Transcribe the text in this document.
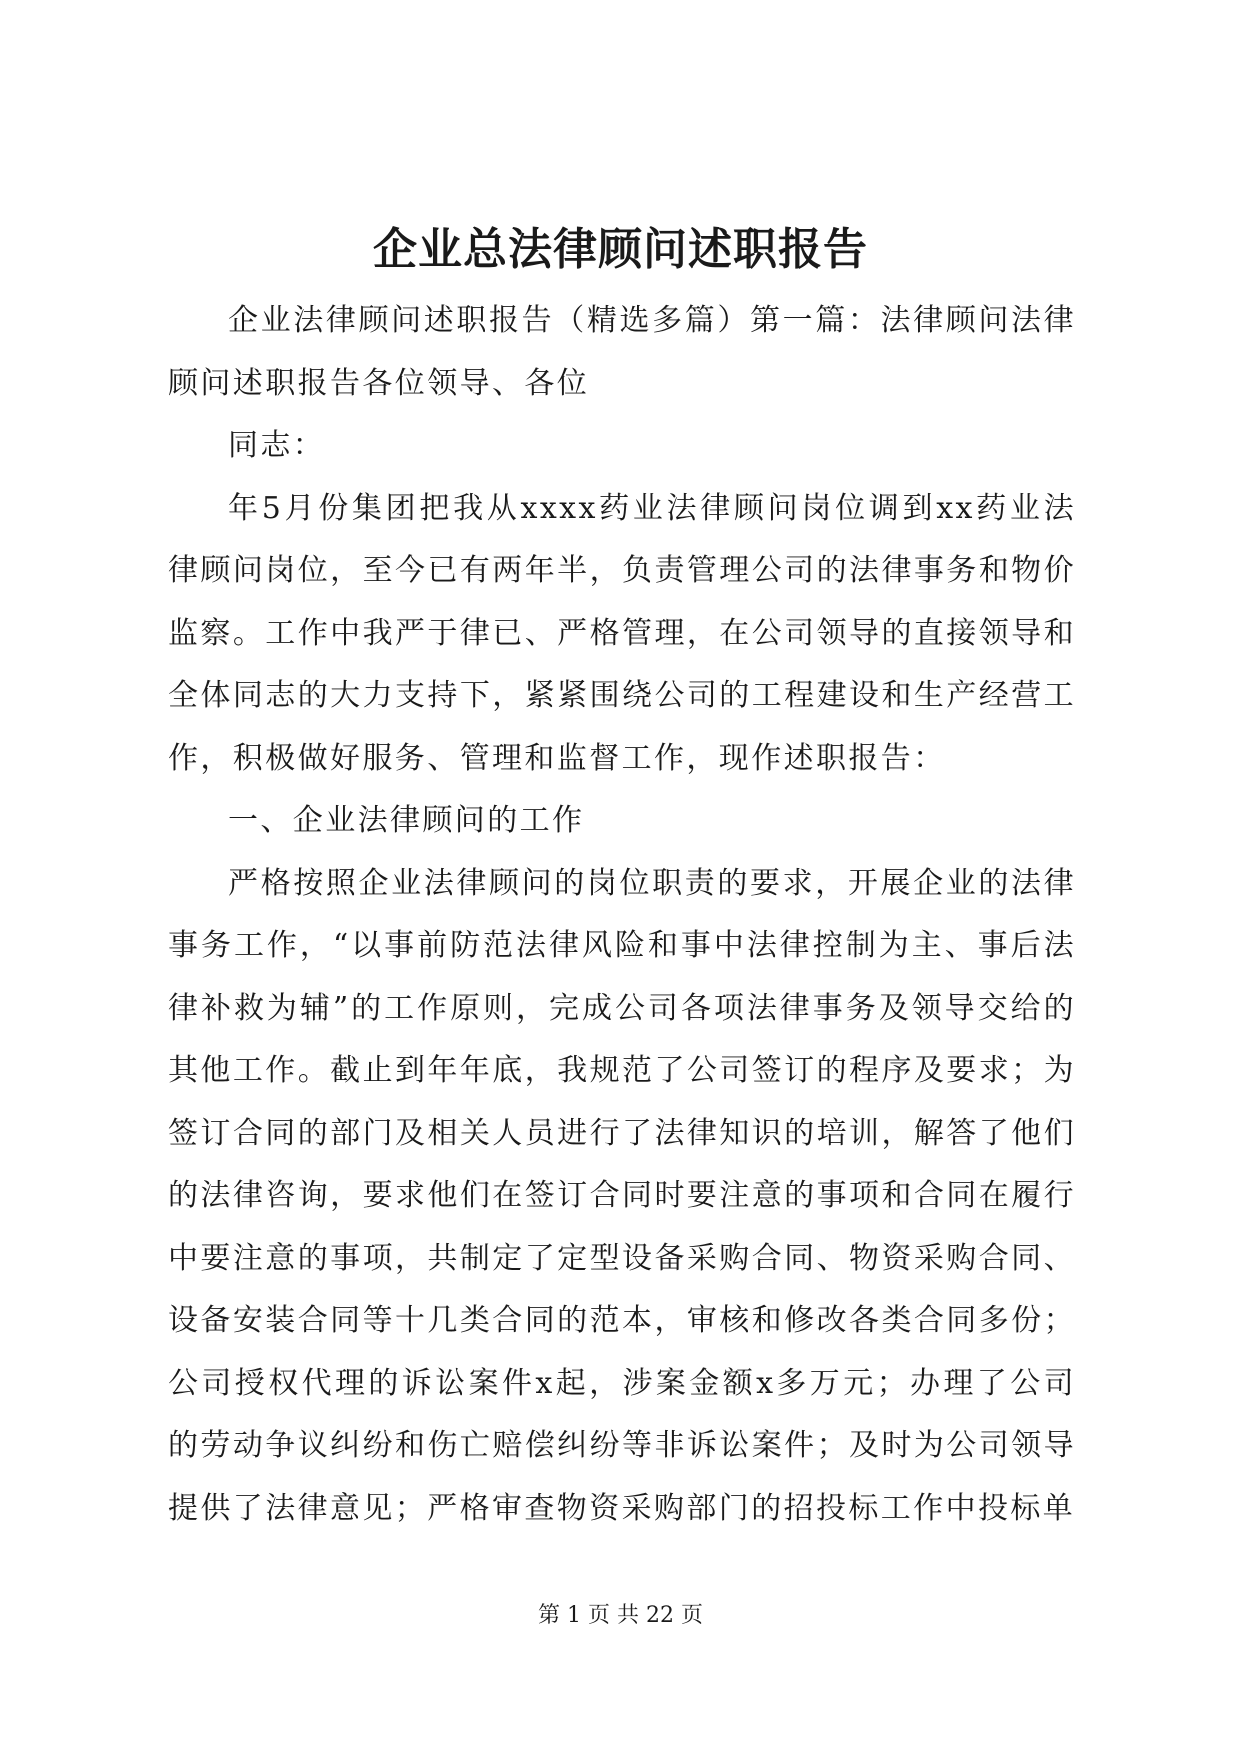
企业总法律顾问述职报告

企业法律顾问述职报告（精选多篇）第一篇：法律顾问法律顾问述职报告各位领导、各位

同志：

年5月份集团把我从xxxx药业法律顾问岗位调到xx药业法律顾问岗位，至今已有两年半，负责管理公司的法律事务和物价监察。工作中我严于律已、严格管理，在公司领导的直接领导和全体同志的大力支持下，紧紧围绕公司的工程建设和生产经营工作，积极做好服务、管理和监督工作，现作述职报告：

一、企业法律顾问的工作

严格按照企业法律顾问的岗位职责的要求，开展企业的法律事务工作，“以事前防范法律风险和事中法律控制为主、事后法律补救为辅”的工作原则，完成公司各项法律事务及领导交给的其他工作。截止到年年底，我规范了公司签订的程序及要求；为签订合同的部门及相关人员进行了法律知识的培训，解答了他们的法律咨询，要求他们在签订合同时要注意的事项和合同在履行中要注意的事项，共制定了定型设备采购合同、物资采购合同、设备安装合同等十几类合同的范本，审核和修改各类合同多份；公司授权代理的诉讼案件x起，涉案金额x多万元；办理了公司的劳动争议纠纷和伤亡赔偿纠纷等非诉讼案件；及时为公司领导提供了法律意见；严格审查物资采购部门的招投标工作中投标单

第 1 页 共 22 页
